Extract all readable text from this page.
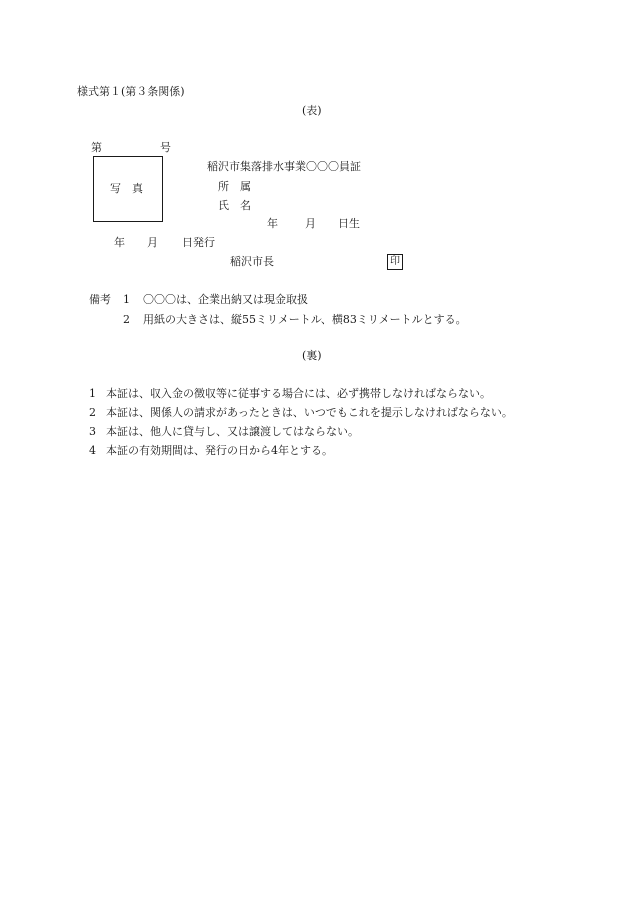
様式第１(第３条関係)
(表)
第	号
稲沢市集落排水事業〇〇〇員証
写　真	所　属
氏　名
年 月 日生
年 月 日発行
稲沢市長	印
備考 1 〇〇〇は、企業出納又は現金取扱
2 用紙の大きさは、縦55ミリメートル、横83ミリメートルとする。
(裏)
1 本証は、収入金の徴収等に従事する場合には、必ず携帯しなければならない。
2 本証は、関係人の請求があったときは、いつでもこれを提示しなければならない。
3 本証は、他人に貸与し、又は譲渡してはならない。
4 本証の有効期間は、発行の日から4年とする。
